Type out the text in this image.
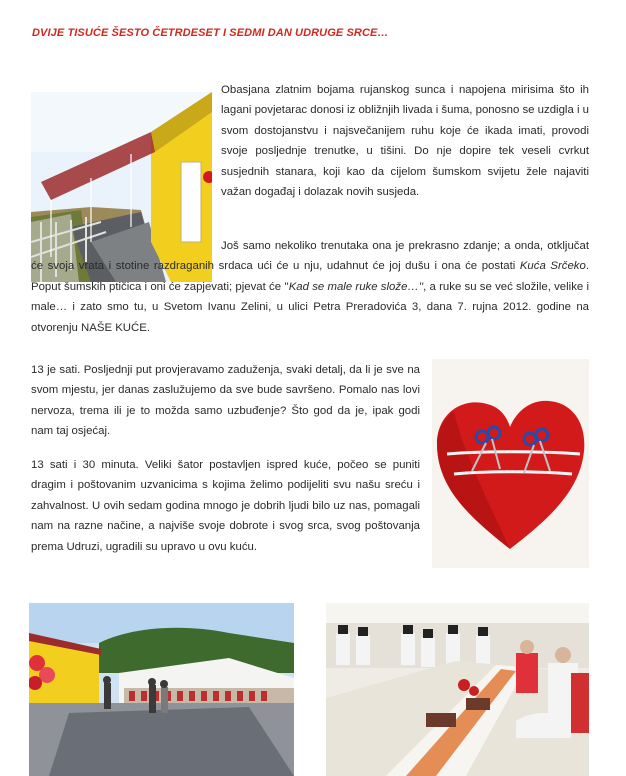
DVIJE TISUĆE ŠESTO ČETRDESET I SEDMI DAN UDRUGE SRCE…

Obasjana zlatnim bojama rujanskog sunca i napojena mirisima što ih lagani povjetarac donosi iz obližnjih livada i šuma, ponosno se uzdigla i u svom dostojanstvu i najsvečanijem ruhu koje će ikada imati, provodi svoje posljednje trenutke, u tišini. Do nje dopire tek veseli cvrkut susjednih stanara, koji kao da cijelom šumskom svijetu žele najaviti važan događaj i dolazak novih susjeda.

Još samo nekoliko trenutaka ona je prekrasno zdanje; a onda, otključat će svoja vrata i stotine razdraganih srdaca ući će u nju, udahnut će joj dušu i ona će postati Kuća Srčeko. Poput šumskih ptičica i oni će zapjevati; pjevat će ''Kad se male ruke slože…'', a ruke su se već složile, velike i male… i zato smo tu, u Svetom Ivanu Zelini, u ulici Petra Preradovića 3, dana 7. rujna 2012. godine na otvorenju NAŠE KUĆE.

13 je sati. Posljednji put provjeravamo zaduženja, svaki detalj, da li je sve na svom mjestu, jer danas zaslužujemo da sve bude savršeno. Pomalo nas lovi nervoza, trema ili je to možda samo uzbuđenje? Što god da je, ipak godi nam taj osjećaj.

13 sati i 30 minuta. Veliki šator postavljen ispred kuće, počeo se puniti dragim i poštovanim uzvanicima s kojima želimo podijeliti svu našu sreću i zahvalnost. U ovih sedam godina mnogo je dobrih ljudi bilo uz nas, pomagali nam na razne načine, a najviše svoje dobrote i svog srca, svog poštovanja prema Udruzi, ugradili su upravo u ovu kuću.
